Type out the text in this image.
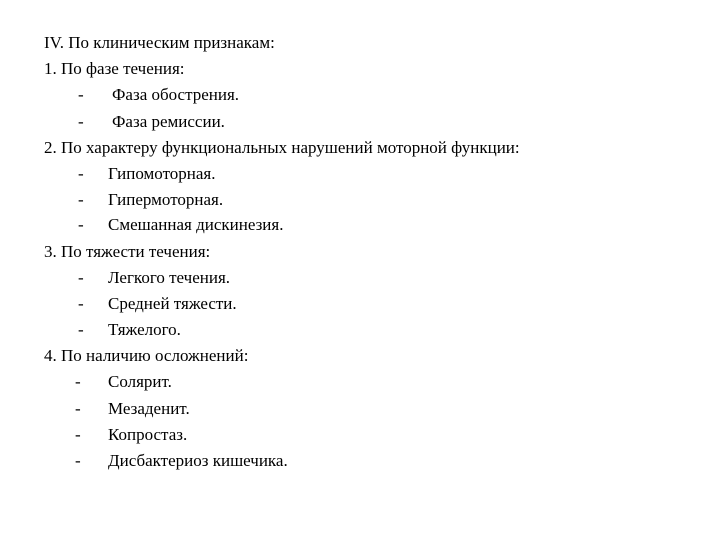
IV. По клиническим признакам:
1. По фазе течения:
- Фаза обострения.
- Фаза ремиссии.
2. По характеру функциональных нарушений моторной функции:
- Гипомоторная.
- Гипермоторная.
- Смешанная дискинезия.
3. По тяжести течения:
- Легкого течения.
- Средней тяжести.
- Тяжелого.
4. По наличию осложнений:
- Солярит.
- Мезаденит.
- Копростаз.
- Дисбактериоз кишечика.
